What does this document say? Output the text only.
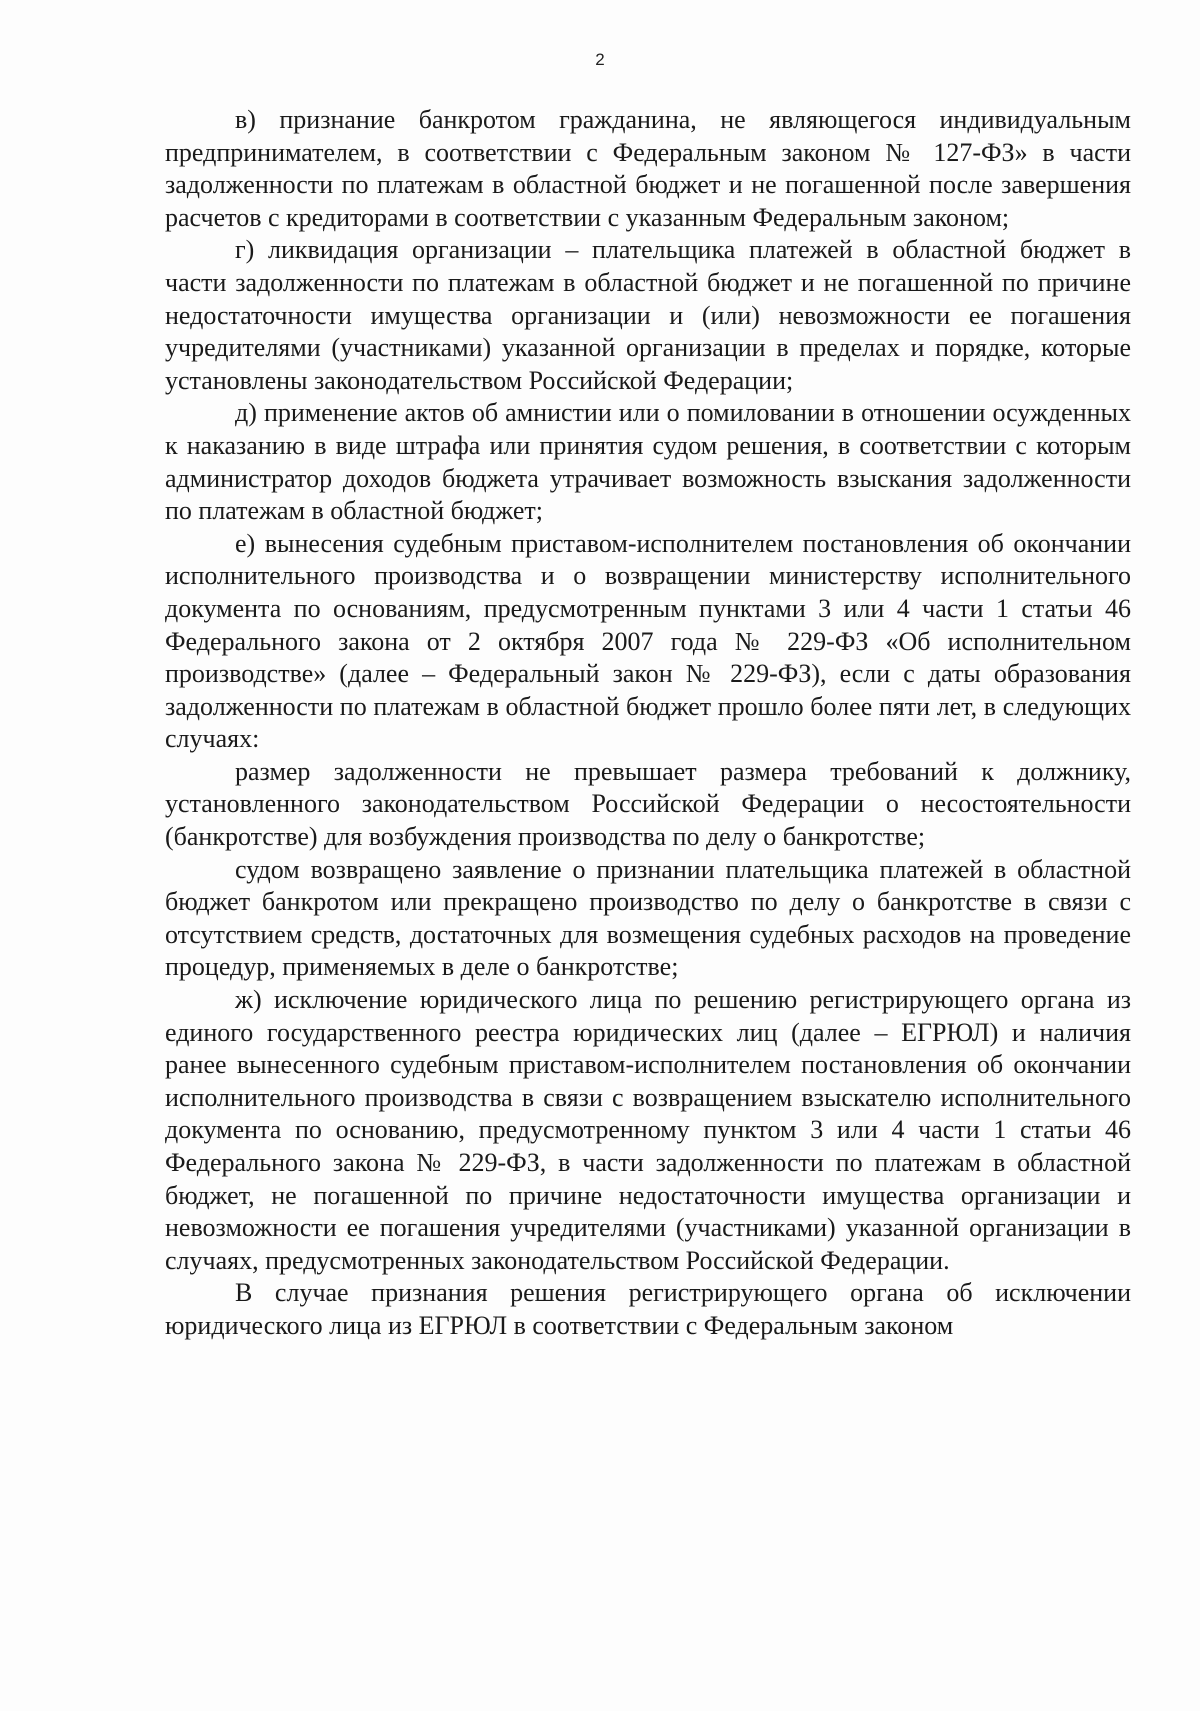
2

в) признание банкротом гражданина, не являющегося индивидуальным предпринимателем, в соответствии с Федеральным законом № 127-ФЗ» в части задолженности по платежам в областной бюджет и не погашенной после завершения расчетов с кредиторами в соответствии с указанным Федеральным законом;

г) ликвидация организации – плательщика платежей в областной бюджет в части задолженности по платежам в областной бюджет и не погашенной по причине недостаточности имущества организации и (или) невозможности ее погашения учредителями (участниками) указанной организации в пределах и порядке, которые установлены законодательством Российской Федерации;

д) применение актов об амнистии или о помиловании в отношении осужденных к наказанию в виде штрафа или принятия судом решения, в соответствии с которым администратор доходов бюджета утрачивает возможность взыскания задолженности по платежам в областной бюджет;

е) вынесения судебным приставом-исполнителем постановления об окончании исполнительного производства и о возвращении министерству исполнительного документа по основаниям, предусмотренным пунктами 3 или 4 части 1 статьи 46 Федерального закона от 2 октября 2007 года № 229-ФЗ «Об исполнительном производстве» (далее – Федеральный закон № 229-ФЗ), если с даты образования задолженности по платежам в областной бюджет прошло более пяти лет, в следующих случаях:

размер задолженности не превышает размера требований к должнику, установленного законодательством Российской Федерации о несостоятельности (банкротстве) для возбуждения производства по делу о банкротстве;

судом возвращено заявление о признании плательщика платежей в областной бюджет банкротом или прекращено производство по делу о банкротстве в связи с отсутствием средств, достаточных для возмещения судебных расходов на проведение процедур, применяемых в деле о банкротстве;

ж) исключение юридического лица по решению регистрирующего органа из единого государственного реестра юридических лиц (далее – ЕГРЮЛ) и наличия ранее вынесенного судебным приставом-исполнителем постановления об окончании исполнительного производства в связи с возвращением взыскателю исполнительного документа по основанию, предусмотренному пунктом 3 или 4 части 1 статьи 46 Федерального закона № 229-ФЗ, в части задолженности по платежам в областной бюджет, не погашенной по причине недостаточности имущества организации и невозможности ее погашения учредителями (участниками) указанной организации в случаях, предусмотренных законодательством Российской Федерации.

В случае признания решения регистрирующего органа об исключении юридического лица из ЕГРЮЛ в соответствии с Федеральным законом
